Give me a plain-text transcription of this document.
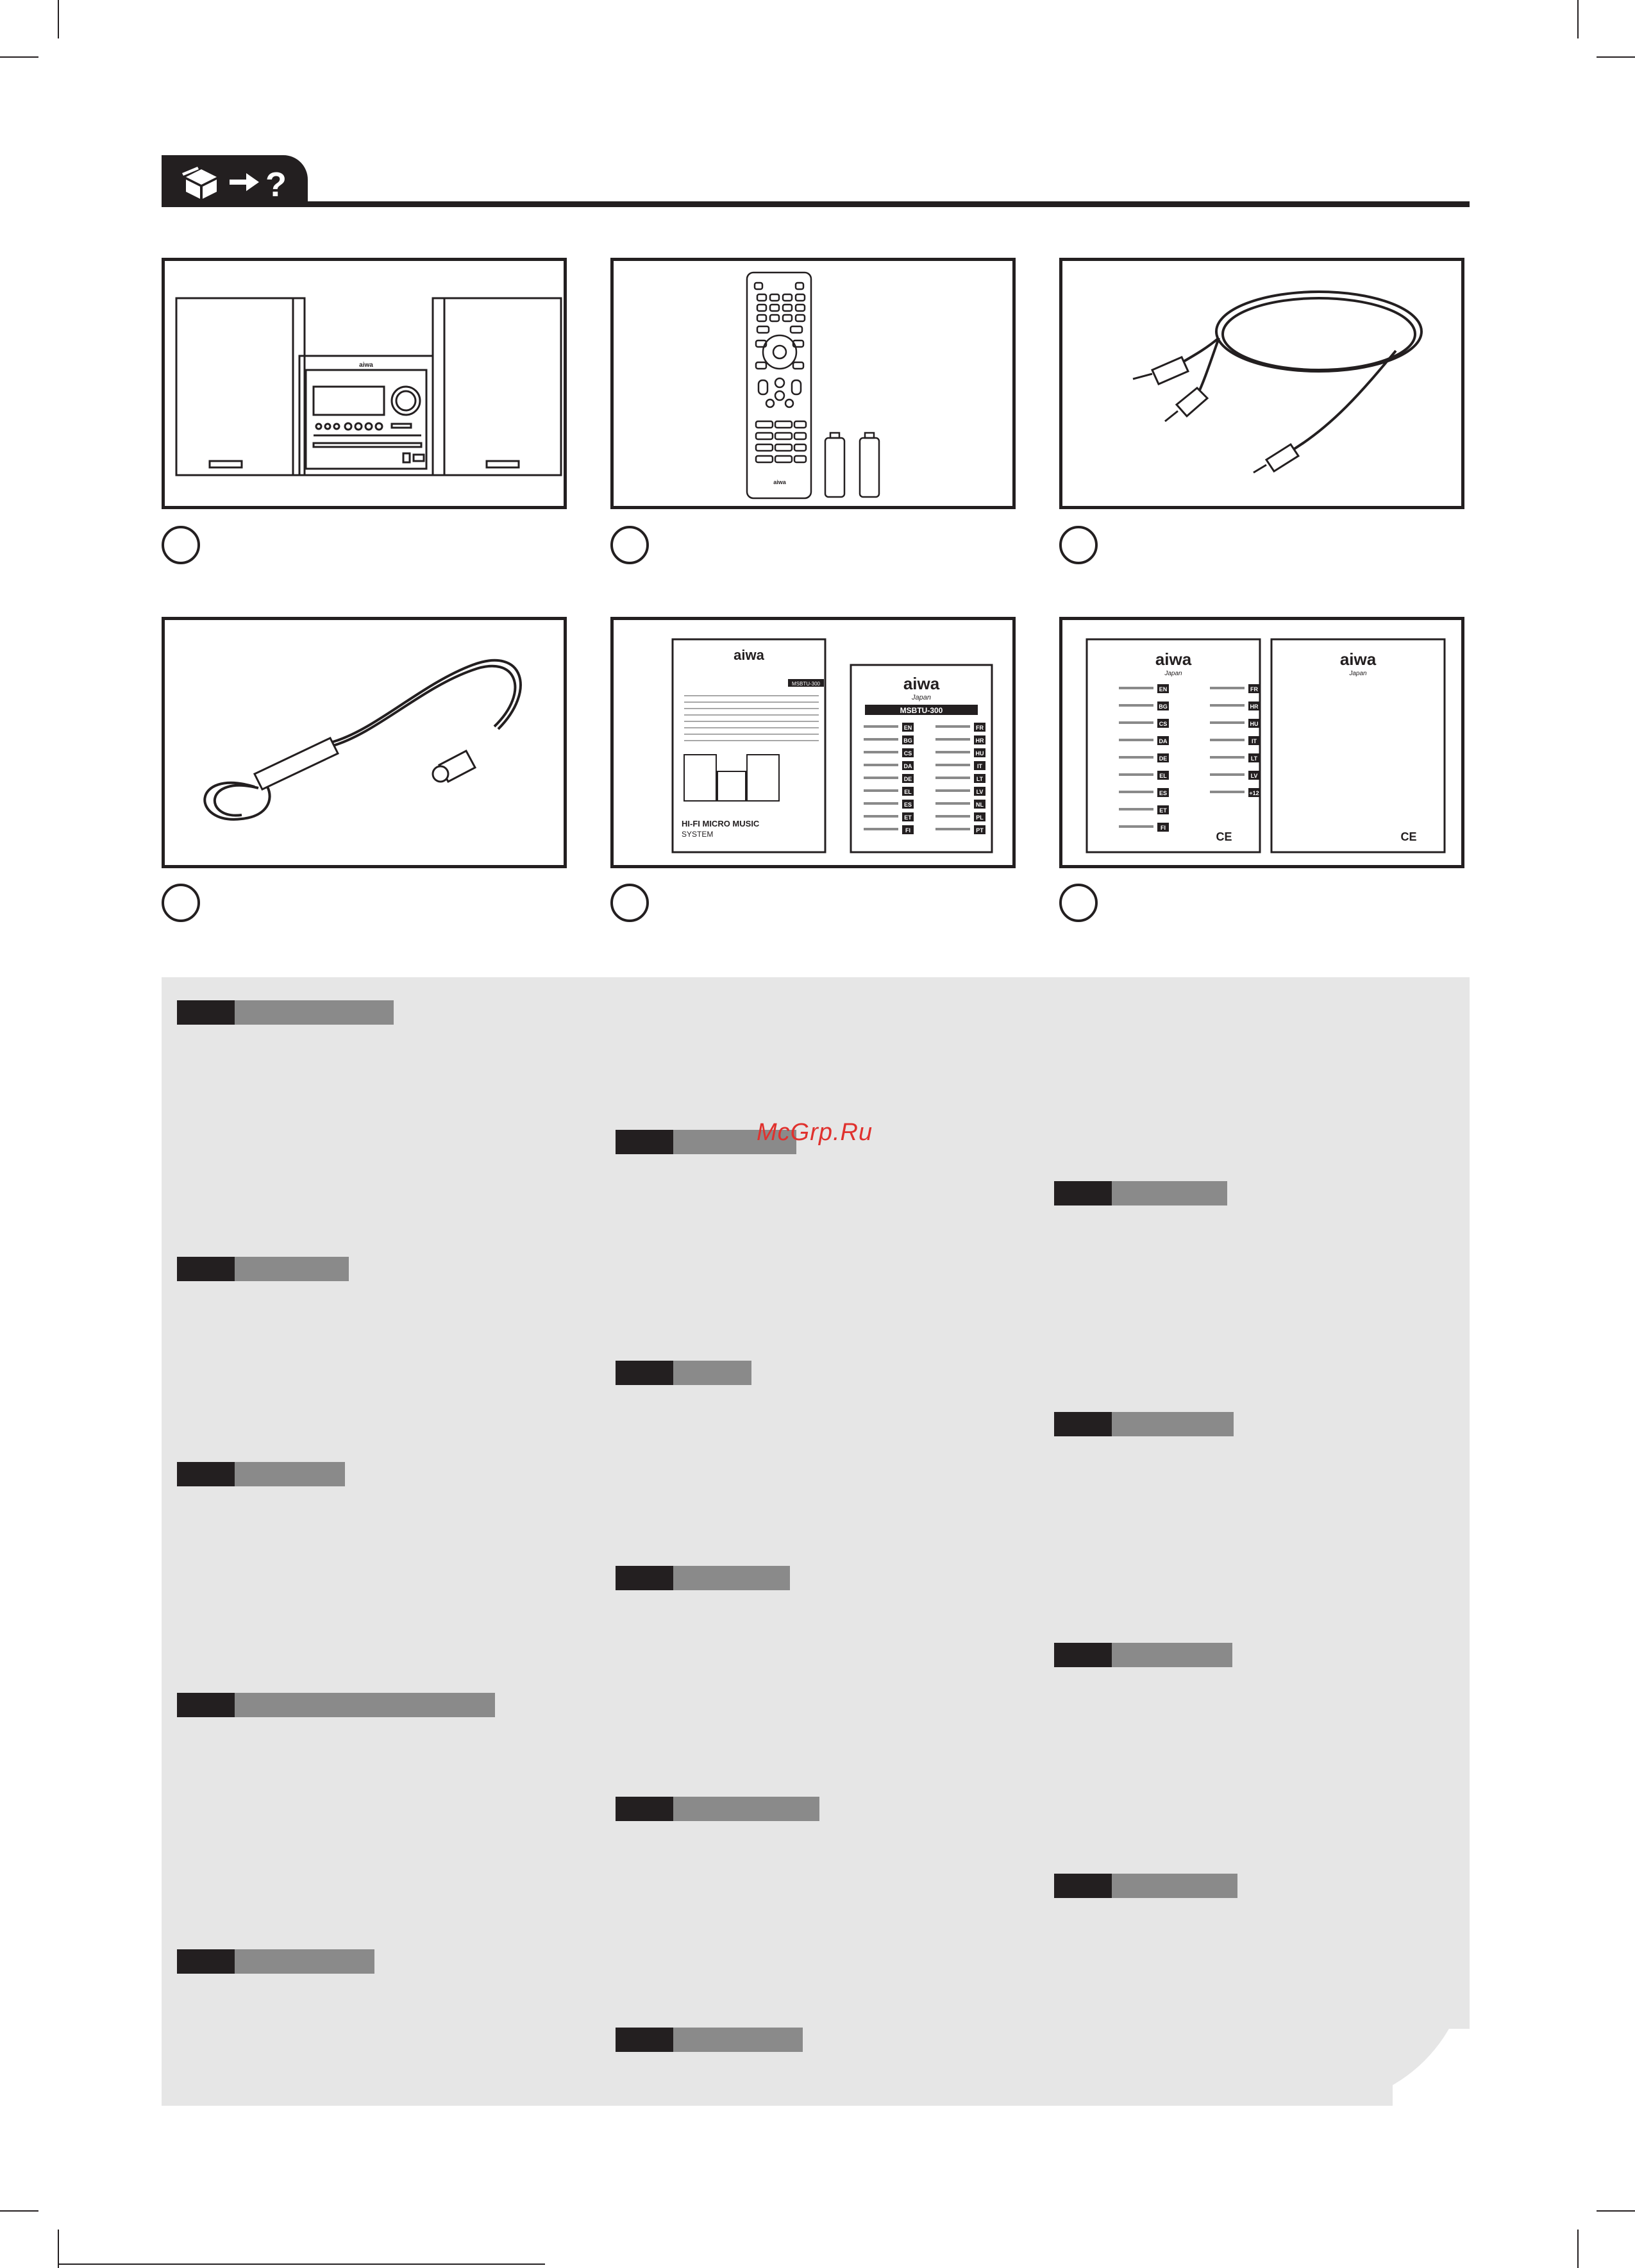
?
aiwa
aiwa
aiwa
MSBTU-300
HI-FI MICRO MUSIC
SYSTEM
aiwa
Japan
MSBTU-300
EN
BG
CS
DA
DE
EL
ES
ET
FI
FR
HR
HU
IT
LT
LV
NL
PL
PT
aiwa
Japan
aiwa
Japan
EN
BG
CS
DA
DE
EL
ES
ET
FI
FR
HR
HU
IT
LT
LV
+12
CE	CE
McGrp.Ru
